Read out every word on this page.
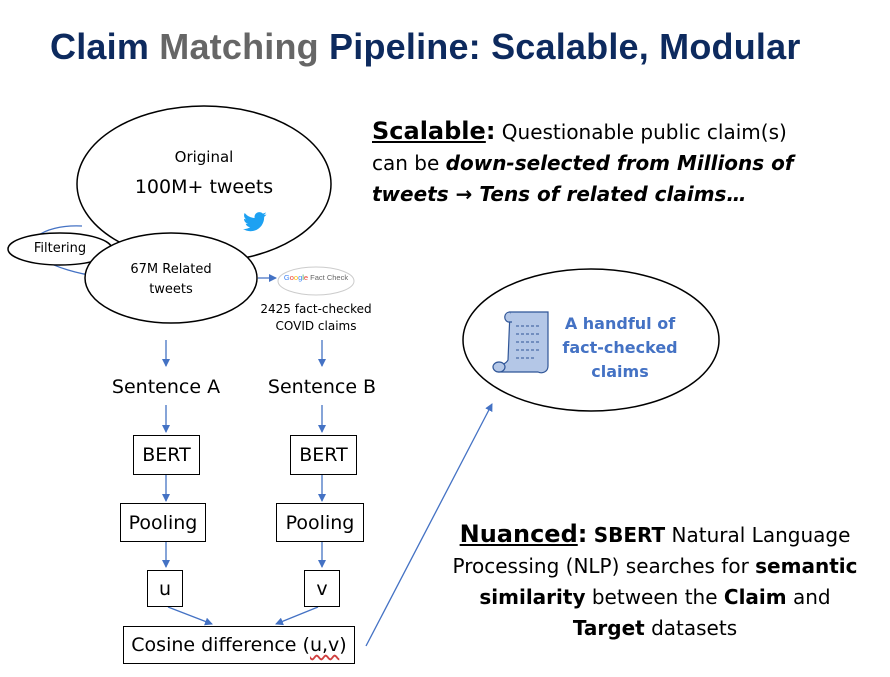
Claim Matching Pipeline: Scalable, Modular
Original
100M+ tweets
Filtering
67M Related
tweets
Google Fact Check
2425 fact-checked
COVID claims
Sentence A	Sentence B
BERT
Pooling
u
BERT
Pooling
v
Cosine difference ( u,v )
A handful of
fact-checked
claims
Scalable: Questionable public claim(s)
can be down-selected from Millions of
tweets → Tens of related claims…
Nuanced: SBERT Natural Language
Processing (NLP) searches for semantic
similarity between the Claim and
Target datasets
